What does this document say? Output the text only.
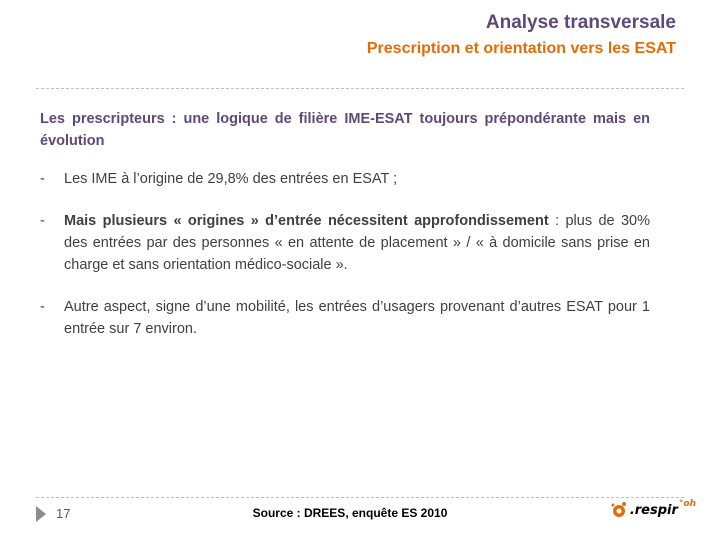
Analyse transversale
Prescription et orientation vers les ESAT

Les prescripteurs : une logique de filière IME-ESAT toujours prépondérante mais en évolution

-	Les IME à l’origine de 29,8% des entrées en ESAT ;
-	Mais plusieurs « origines » d’entrée nécessitent approfondissement : plus de 30% des entrées par des personnes « en attente de placement » / « à domicile sans prise en charge et sans orientation médico-sociale ».
-	Autre aspect, signe d’une mobilité, les entrées d’usagers provenant d’autres ESAT pour 1 entrée sur 7 environ.
17	Source : DREES, enquête ES 2010	.respir °oh
